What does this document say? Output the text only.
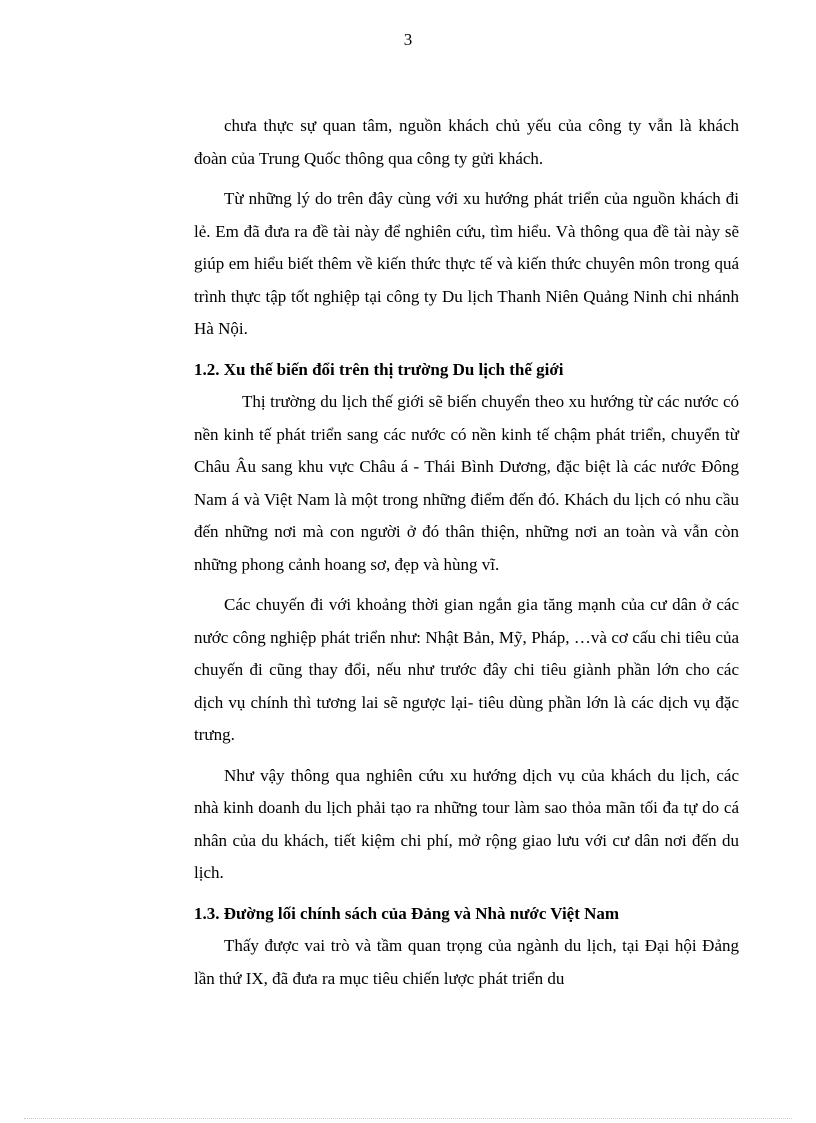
3

chưa thực sự quan tâm, nguồn khách chủ yếu của công ty vẫn là khách đoàn của Trung Quốc thông qua công ty gửi khách.

Từ những lý do trên đây cùng với xu hướng phát triển của nguồn khách đi lẻ. Em đã đưa ra đề tài này để nghiên cứu, tìm hiểu. Và thông qua đề tài này sẽ giúp em hiểu biết thêm về kiến thức thực tế và kiến thức chuyên môn trong quá trình thực tập tốt nghiệp tại công ty Du lịch Thanh Niên Quảng Ninh chi nhánh Hà Nội.

1.2. Xu thế biến đổi trên thị trường Du lịch thế giới

Thị trường du lịch thế giới sẽ biến chuyển theo xu hướng từ các nước có nền kinh tế phát triển sang các nước có nền kinh tế chậm phát triển, chuyển từ Châu Âu sang khu vực Châu á - Thái Bình Dương, đặc biệt là các nước Đông Nam á và Việt Nam là một trong những điểm đến đó. Khách du lịch có nhu cầu đến những nơi mà con người ở đó thân thiện, những nơi an toàn và vẫn còn những phong cảnh hoang sơ, đẹp và hùng vĩ.

Các chuyến đi với khoảng thời gian ngắn gia tăng mạnh của cư dân ở các nước công nghiệp phát triển như: Nhật Bản, Mỹ, Pháp, …và cơ cấu chi tiêu của chuyến đi cũng thay đổi, nếu như trước đây chi tiêu giành phần lớn cho các dịch vụ chính thì tương lai sẽ ngược lại- tiêu dùng phần lớn là các dịch vụ đặc trưng.

Như vậy thông qua nghiên cứu xu hướng dịch vụ của khách du lịch, các nhà kinh doanh du lịch phải tạo ra những tour làm sao thỏa mãn tối đa tự do cá nhân của du khách, tiết kiệm chi phí, mở rộng giao lưu với cư dân nơi đến du lịch.

1.3. Đường lối chính sách của Đảng và Nhà nước Việt Nam

Thấy được vai trò và tầm quan trọng của ngành du lịch, tại Đại hội Đảng lần thứ IX, đã đưa ra mục tiêu chiến lược phát triển du
